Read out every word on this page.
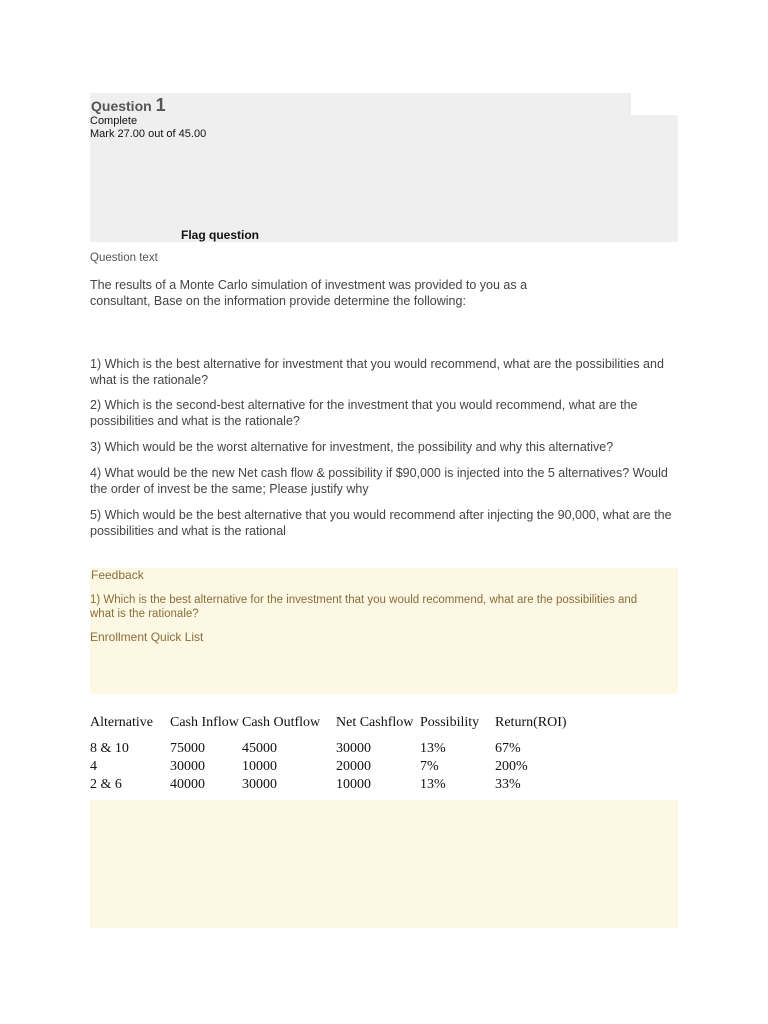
Question 1
Complete
Mark 27.00 out of 45.00
Flag question
Question text

The results of a Monte Carlo simulation of investment was provided to you as a consultant, Base on the information provide determine the following:

1) Which is the best alternative for investment that you would recommend, what are the possibilities and what is the rationale?
2) Which is the second-best alternative for the investment that you would recommend, what are the possibilities and what is the rationale?
3) Which would be the worst alternative for investment, the possibility and why this alternative?
4) What would be the new Net cash flow & possibility if $90,000 is injected into the 5 alternatives? Would the order of invest be the same; Please justify why
5) Which would be the best alternative that you would recommend after injecting the 90,000, what are the possibilities and what is the rational
Feedback

1) Which is the best alternative for the investment that you would recommend, what are the possibilities and what is the rationale?

Enrollment Quick List
Alternative	Cash Inflow	Cash Outflow	Net Cashflow	Possibility	Return(ROI)
8 & 10	75000	45000	30000	13%	67%
4	30000	10000	20000	7%	200%
2 & 6	40000	30000	10000	13%	33%
